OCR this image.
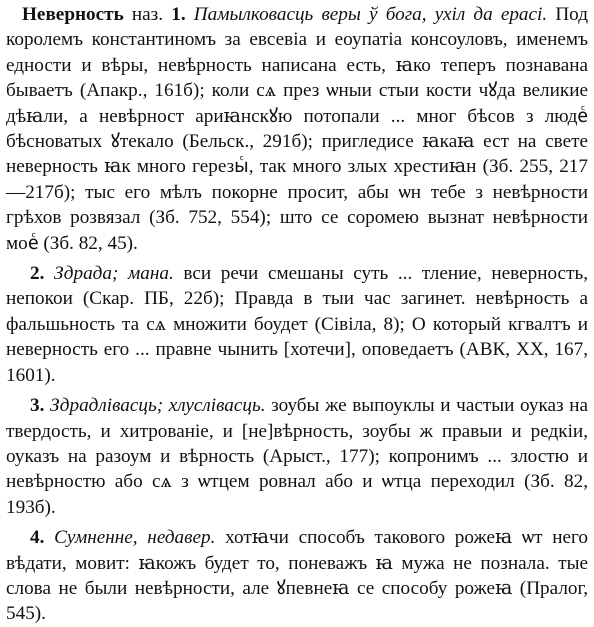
Неверность наз. 1. Памылковасць веры ў бога, ухіл да ерасі. Под королемъ константиномъ за евсевіа и еоупатіа консоуловъ, именемъ едности и вѣры, невѣрность написана есть, ꙗко теперъ познавана бываетъ (Апакр., 161б); коли сѧ през ѡныи стыи кости чꙋда великие дѣꙗли, а невѣрност ариꙗнскꙋю потопали ... мног бѣсов з людеⷭ бѣсноватых ꙋтекало (Бельск., 291б); пригледисе ꙗкаꙗ ест на свете неверность ꙗк много герезыⷭ, так много злых хрестиꙗн (Зб. 255, 217—217б); тыс его мѣлъ покорне просит, абы ѡн тебе з невѣрности грѣхов розвязал (Зб. 752, 554); што се соромею вызнат невѣрности моеⷭ (Зб. 82, 45).

2. Здрада; мана. вси речи смешаны суть ... тление, неверность, непокои (Скар. ПБ, 22б); Правда в тыи час загинет. невѣрность а фальшьность та сѧ множити боудет (Сівіла, 8); О который кгвалтъ и неверность его ... правне чынить [хотечи], оповедаетъ (АВК, XX, 167, 1601).

3. Здрадлівасць; хлуслівасць. зоубы же выпоуклы и частыи оуказ на твердость, и хитрованіе, и [не]вѣрность, зоубы ж правыи и редкіи, оуказъ на разоум и вѣрность (Арыст., 177); копронимъ ... злостю и невѣрностю або сѧ з ѡтцем ровнал або и ѡтца переходил (Зб. 82, 193б).

4. Сумненне, недавер. хотꙗчи способъ такового рожеꙗ ѡт него вѣдати, мовит: ꙗкожъ будет то, поневажъ ꙗ мужа не познала. тые слова не были невѣрности, але ꙋпевнеꙗ се способу рожеꙗ (Пралог, 545).
